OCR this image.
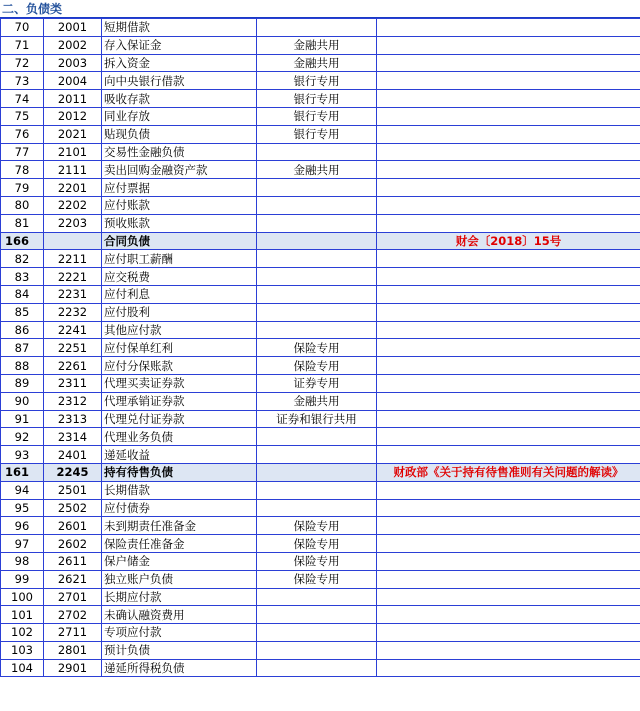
二、负债类
70	2001	短期借款		
71	2002	存入保证金	金融共用	
72	2003	拆入资金	金融共用	
73	2004	向中央银行借款	银行专用	
74	2011	吸收存款	银行专用	
75	2012	同业存放	银行专用	
76	2021	贴现负债	银行专用	
77	2101	交易性金融负债		
78	2111	卖出回购金融资产款	金融共用	
79	2201	应付票据		
80	2202	应付账款		
81	2203	预收账款		
166		合同负债		财会〔2018〕15号
82	2211	应付职工薪酬		
83	2221	应交税费		
84	2231	应付利息		
85	2232	应付股利		
86	2241	其他应付款		
87	2251	应付保单红利	保险专用	
88	2261	应付分保账款	保险专用	
89	2311	代理买卖证券款	证券专用	
90	2312	代理承销证券款	金融共用	
91	2313	代理兑付证券款	证券和银行共用	
92	2314	代理业务负债		
93	2401	递延收益		
161	2245	持有待售负债		财政部《关于持有待售准则有关问题的解读》
94	2501	长期借款		
95	2502	应付债券		
96	2601	未到期责任准备金	保险专用	
97	2602	保险责任准备金	保险专用	
98	2611	保户储金	保险专用	
99	2621	独立账户负债	保险专用	
100	2701	长期应付款		
101	2702	未确认融资费用		
102	2711	专项应付款		
103	2801	预计负债		
104	2901	递延所得税负债		
